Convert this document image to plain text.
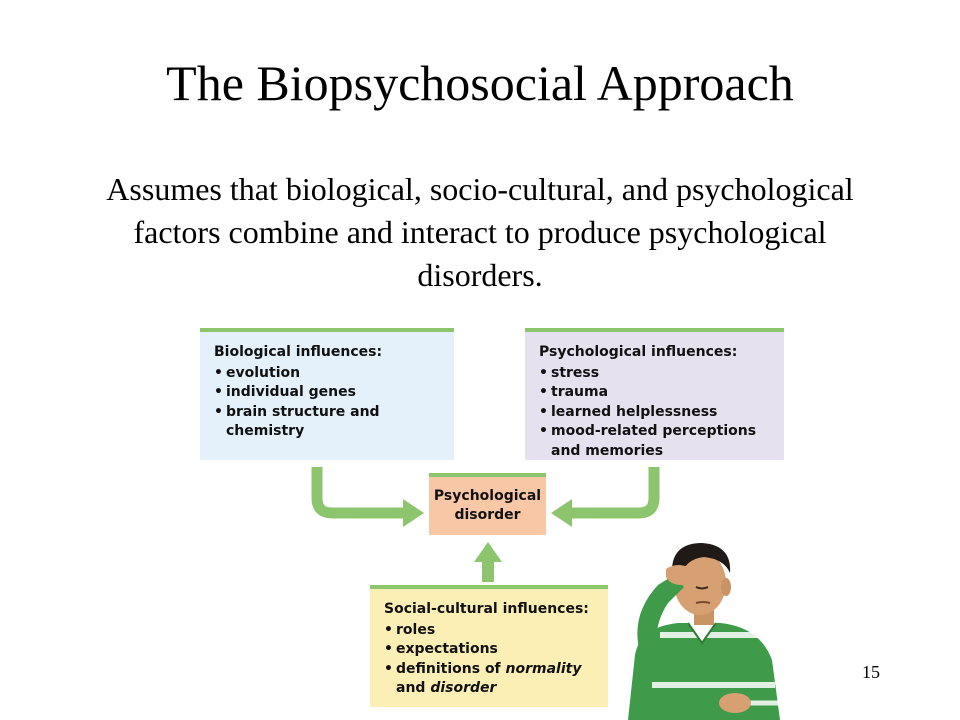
The Biopsychosocial Approach
Assumes that biological, socio-cultural, and psychological factors combine and interact to produce psychological disorders.
Biological influences:
• evolution
• individual genes
• brain structure and chemistry
Psychological influences:
• stress
• trauma
• learned helplessness
• mood-related perceptions and memories
Psychological
disorder
Social-cultural influences:
• roles
• expectations
• definitions of normality and disorder
15
